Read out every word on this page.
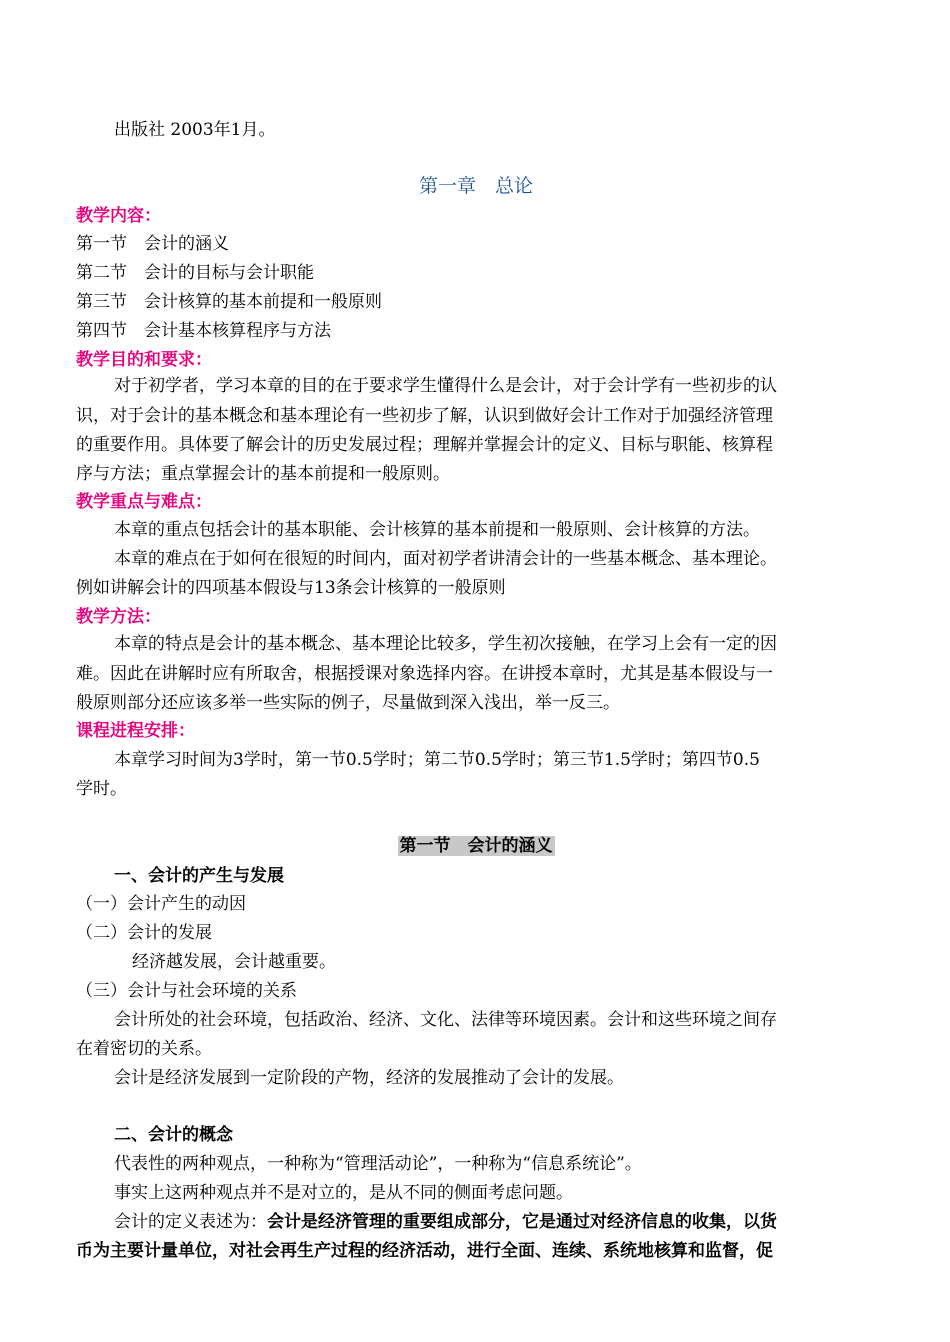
出版社 2003年1月。
第一章　总论
教学内容：
第一节　会计的涵义
第二节　会计的目标与会计职能
第三节　会计核算的基本前提和一般原则
第四节　会计基本核算程序与方法
教学目的和要求：
对于初学者，学习本章的目的在于要求学生懂得什么是会计，对于会计学有一些初步的认
识，对于会计的基本概念和基本理论有一些初步了解，认识到做好会计工作对于加强经济管理
的重要作用。具体要了解会计的历史发展过程；理解并掌握会计的定义、目标与职能、核算程
序与方法；重点掌握会计的基本前提和一般原则。
教学重点与难点：
本章的重点包括会计的基本职能、会计核算的基本前提和一般原则、会计核算的方法。
本章的难点在于如何在很短的时间内，面对初学者讲清会计的一些基本概念、基本理论。
例如讲解会计的四项基本假设与13条会计核算的一般原则
教学方法：
本章的特点是会计的基本概念、基本理论比较多，学生初次接触，在学习上会有一定的因
难。因此在讲解时应有所取舍，根据授课对象选择内容。在讲授本章时，尤其是基本假设与一
般原则部分还应该多举一些实际的例子，尽量做到深入浅出，举一反三。
课程进程安排：
本章学习时间为3学时，第一节0.5学时；第二节0.5学时；第三节1.5学时；第四节0.5
学时。
第一节　会计的涵义
一、会计的产生与发展
（一）会计产生的动因
（二）会计的发展
经济越发展，会计越重要。
（三）会计与社会环境的关系
会计所处的社会环境，包括政治、经济、文化、法律等环境因素。会计和这些环境之间存
在着密切的关系。
会计是经济发展到一定阶段的产物，经济的发展推动了会计的发展。
二、会计的概念
代表性的两种观点，一种称为“管理活动论”，一种称为“信息系统论”。
事实上这两种观点并不是对立的，是从不同的侧面考虑问题。
会计的定义表述为：会计是经济管理的重要组成部分，它是通过对经济信息的收集，以货
币为主要计量单位，对社会再生产过程的经济活动，进行全面、连续、系统地核算和监督，促
